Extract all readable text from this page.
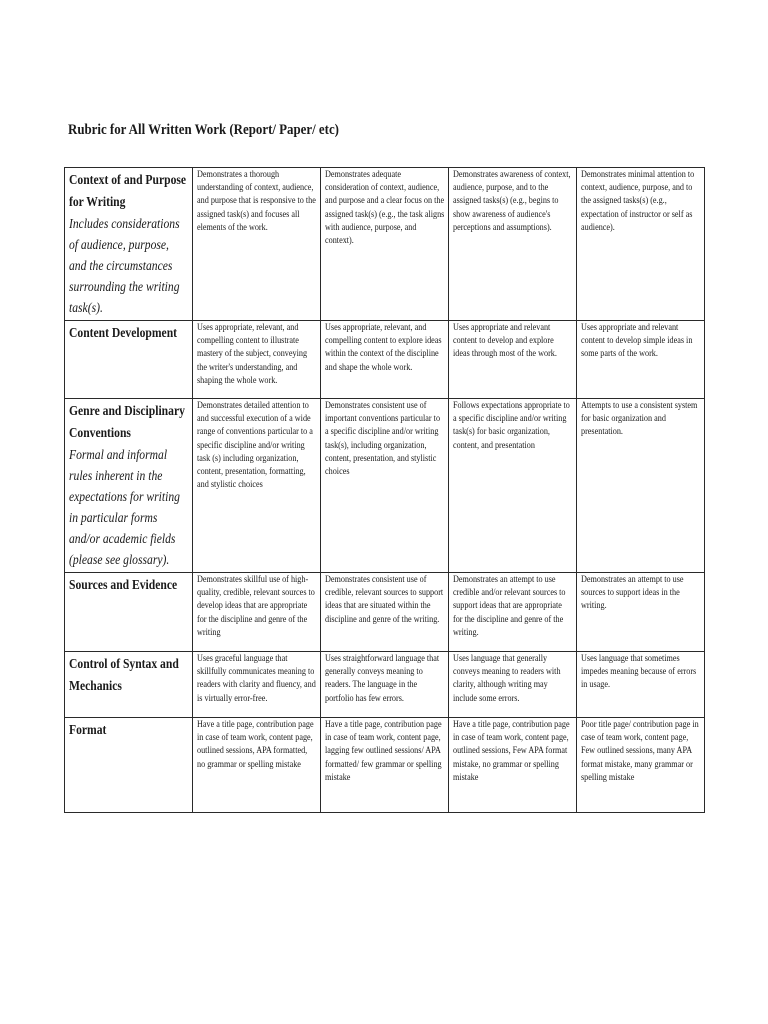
Rubric for All Written Work (Report/ Paper/ etc)
Context of and Purpose for Writing
Includes considerations of audience, purpose, and the circumstances surrounding the writing task(s).	Demonstrates a thorough understanding of context, audience, and purpose that is responsive to the assigned task(s) and focuses all elements of the work.	Demonstrates adequate consideration of context, audience, and purpose and a clear focus on the assigned task(s) (e.g., the task aligns with audience, purpose, and context).	Demonstrates awareness of context, audience, purpose, and to the assigned tasks(s) (e.g., begins to show awareness of audience's perceptions and assumptions).	Demonstrates minimal attention to context, audience, purpose, and to the assigned tasks(s) (e.g., expectation of instructor or self as audience).

Content Development	Uses appropriate, relevant, and compelling content to illustrate mastery of the subject, conveying the writer's understanding, and shaping the whole work.	Uses appropriate, relevant, and compelling content to explore ideas within the context of the discipline and shape the whole work.	Uses appropriate and relevant content to develop and explore ideas through most of the work.	Uses appropriate and relevant content to develop simple ideas in some parts of the work.

Genre and Disciplinary Conventions
Formal and informal rules inherent in the expectations for writing in particular forms and/or academic fields (please see glossary).	Demonstrates detailed attention to and successful execution of a wide range of conventions particular to a specific discipline and/or writing task (s) including organization, content, presentation, formatting, and stylistic choices	Demonstrates consistent use of important conventions particular to a specific discipline and/or writing task(s), including organization, content, presentation, and stylistic choices	Follows expectations appropriate to a specific discipline and/or writing task(s) for basic organization, content, and presentation	Attempts to use a consistent system for basic organization and presentation.

Sources and Evidence	Demonstrates skillful use of high-quality, credible, relevant sources to develop ideas that are appropriate for the discipline and genre of the writing	Demonstrates consistent use of credible, relevant sources to support ideas that are situated within the discipline and genre of the writing.	Demonstrates an attempt to use credible and/or relevant sources to support ideas that are appropriate for the discipline and genre of the writing.	Demonstrates an attempt to use sources to support ideas in the writing.

Control of Syntax and Mechanics	Uses graceful language that skillfully communicates meaning to readers with clarity and fluency, and is virtually error-free.	Uses straightforward language that generally conveys meaning to readers. The language in the portfolio has few errors.	Uses language that generally conveys meaning to readers with clarity, although writing may include some errors.	Uses language that sometimes impedes meaning because of errors in usage.

Format	Have a title page, contribution page in case of team work, content page, outlined sessions, APA formatted, no grammar or spelling mistake	Have a title page, contribution page in case of team work, content page, lagging few outlined sessions/ APA formatted/ few grammar or spelling mistake	Have a title page, contribution page in case of team work, content page, outlined sessions, Few APA format mistake, no grammar or spelling mistake	Poor title page/ contribution page in case of team work, content page, Few outlined sessions, many APA format mistake, many grammar or spelling mistake
